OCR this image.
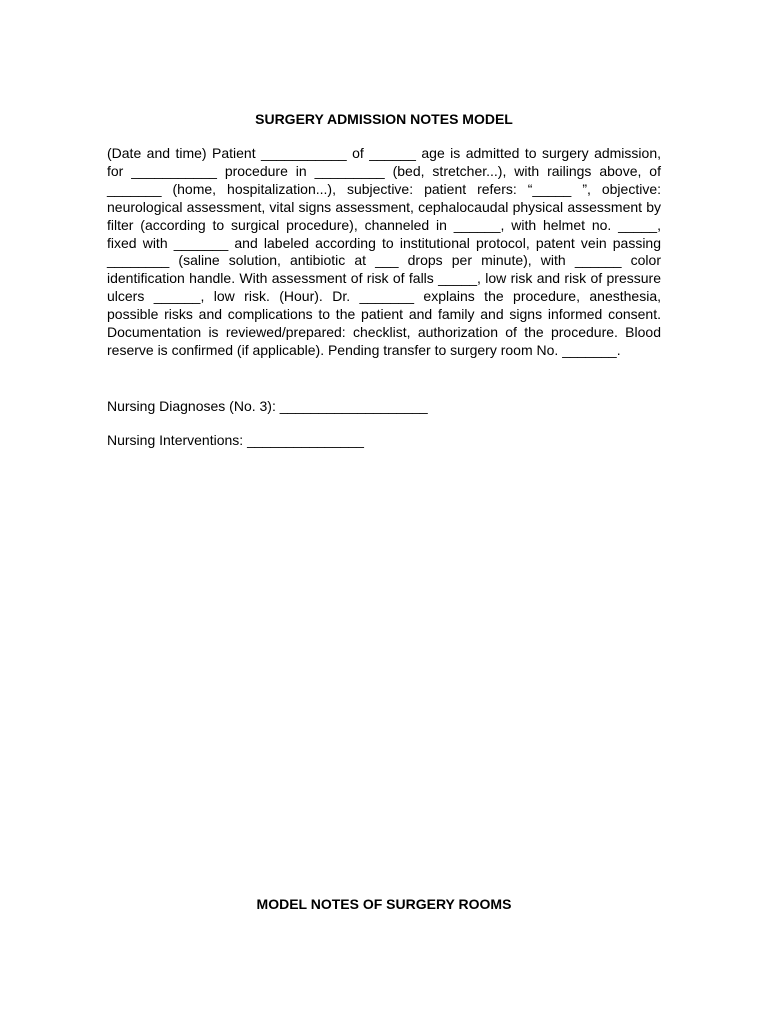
SURGERY ADMISSION NOTES MODEL

(Date and time) Patient ___________ of ______ age is admitted to surgery admission, for ___________ procedure in _________ (bed, stretcher...), with railings above, of _______ (home, hospitalization...), subjective: patient refers: “_____ ”, objective: neurological assessment, vital signs assessment, cephalocaudal physical assessment by filter (according to surgical procedure), channeled in ______, with helmet no. _____, fixed with _______ and labeled according to institutional protocol, patent vein passing ________ (saline solution, antibiotic at ___ drops per minute), with ______ color identification handle. With assessment of risk of falls _____, low risk and risk of pressure ulcers ______, low risk. (Hour). Dr. _______ explains the procedure, anesthesia, possible risks and complications to the patient and family and signs informed consent. Documentation is reviewed/prepared: checklist, authorization of the procedure. Blood reserve is confirmed (if applicable). Pending transfer to surgery room No. _______.

Nursing Diagnoses (No. 3): ___________________

Nursing Interventions: _______________

MODEL NOTES OF SURGERY ROOMS
